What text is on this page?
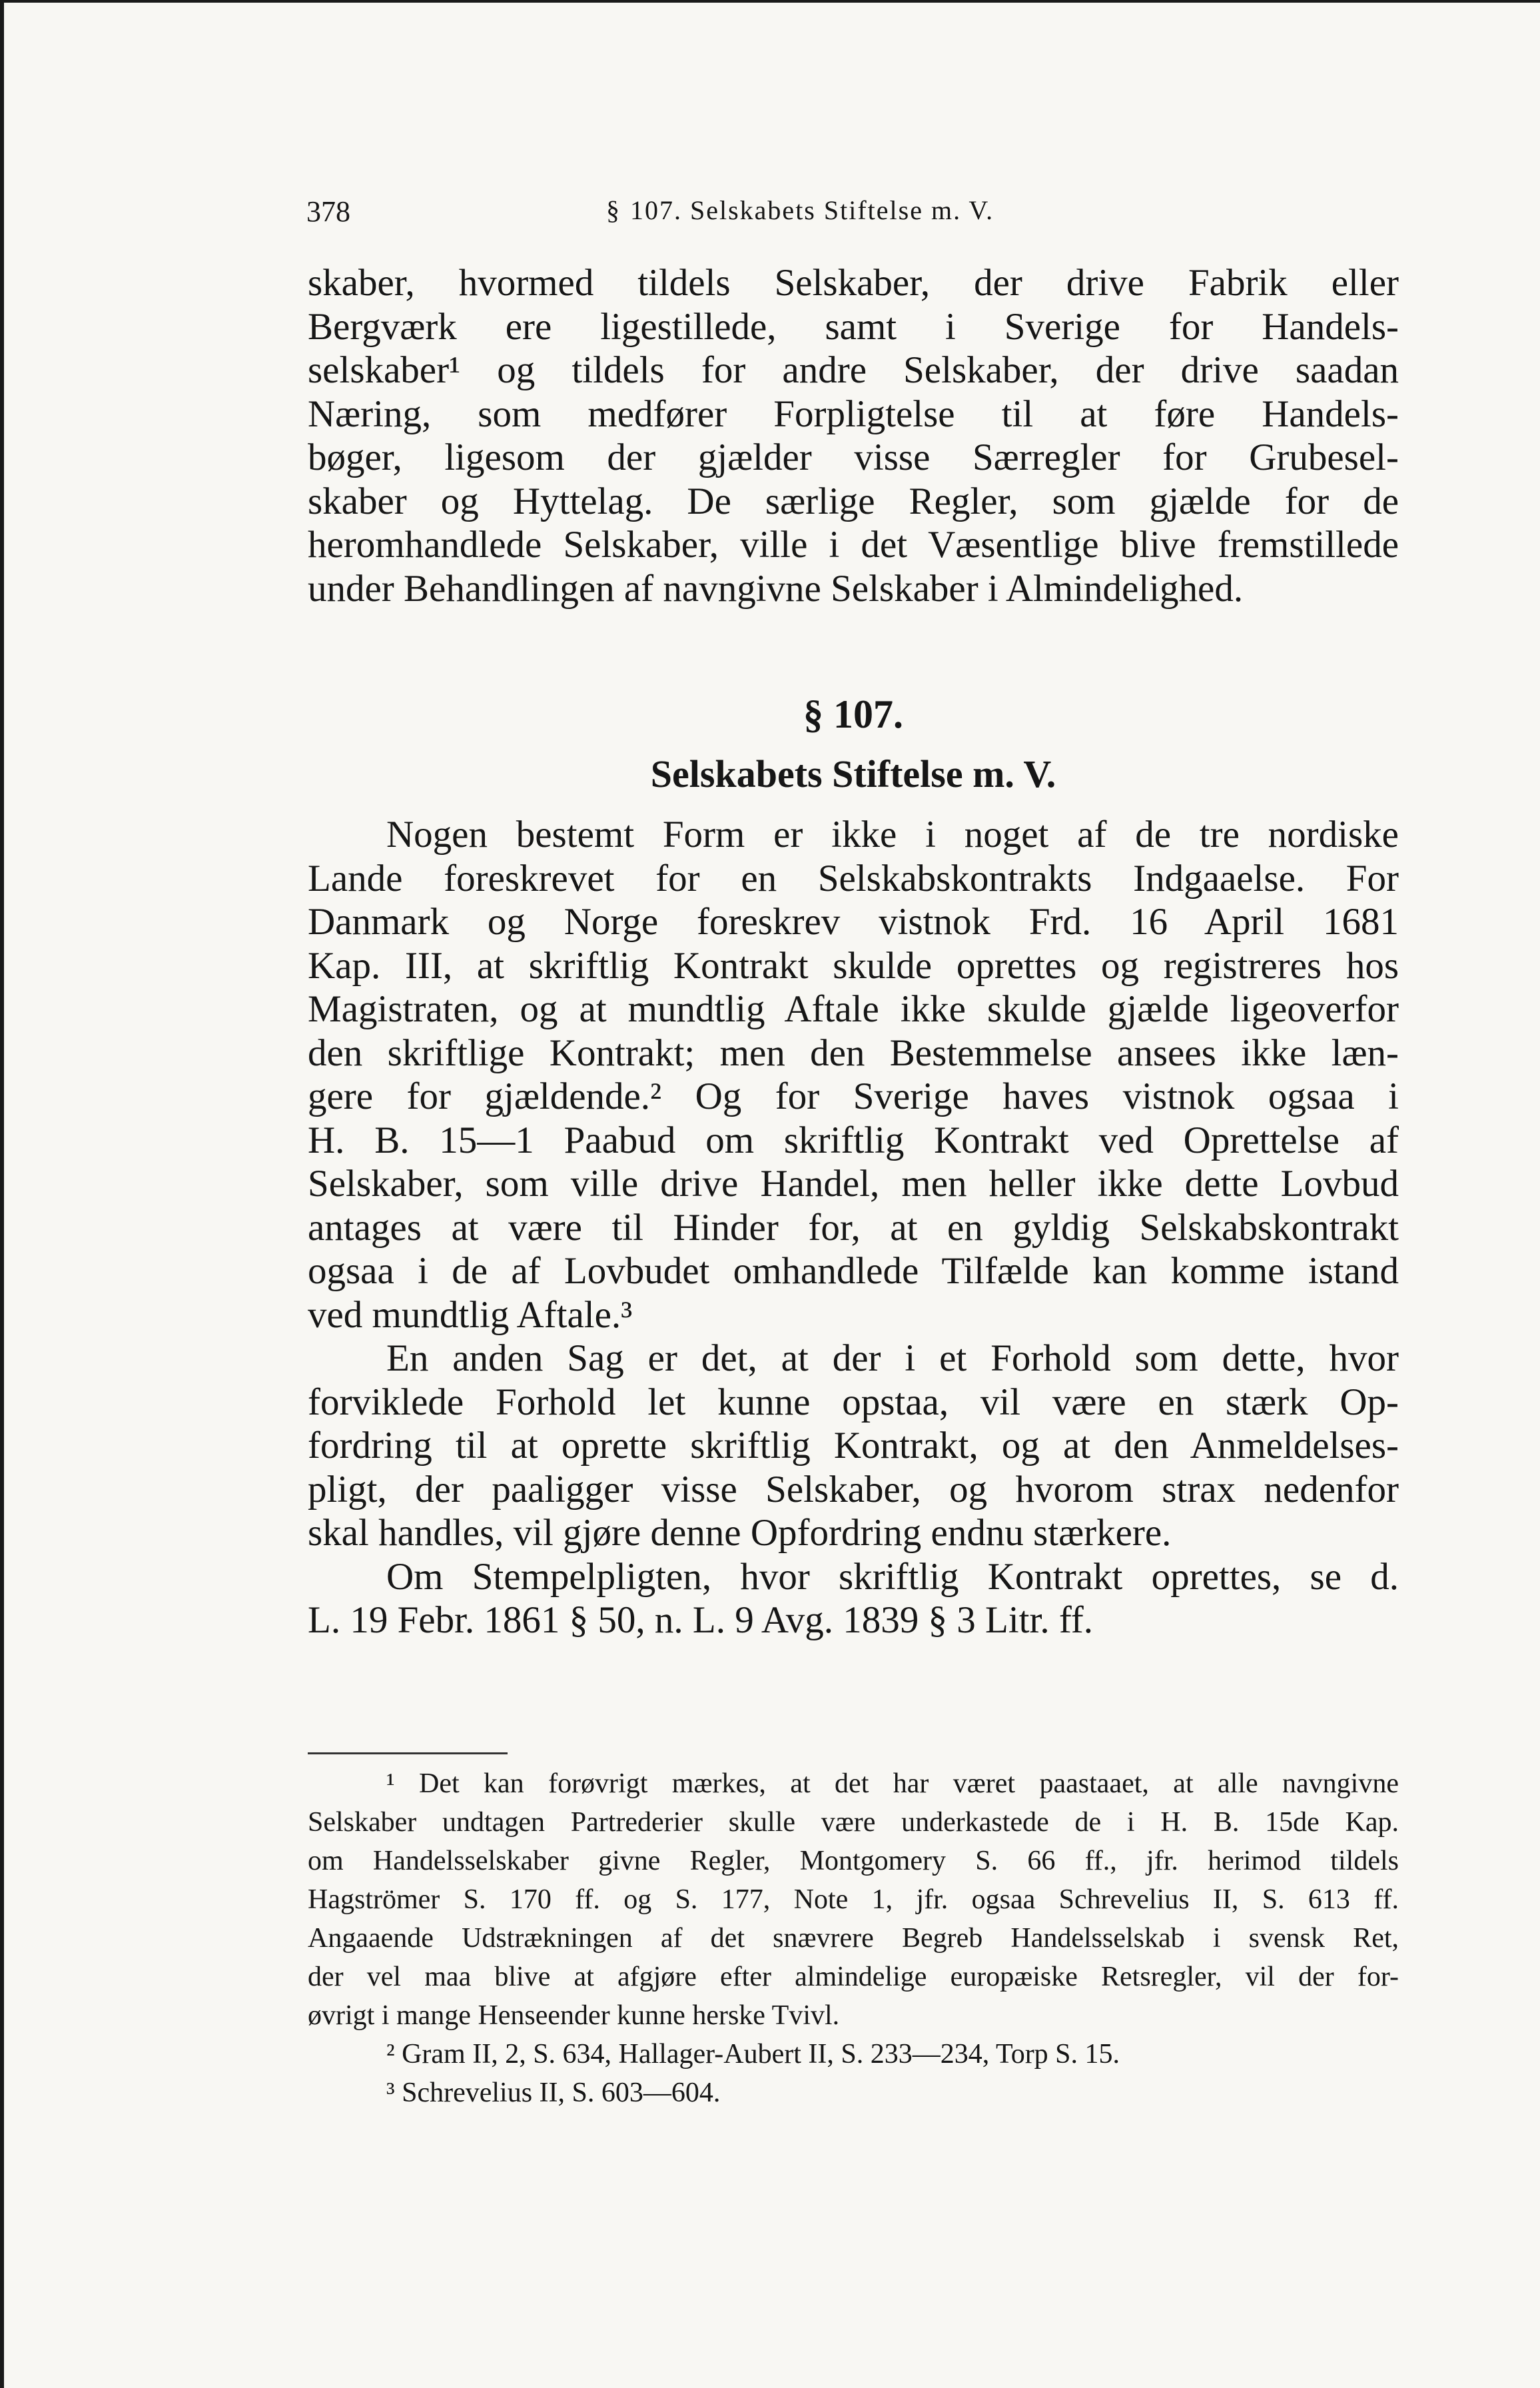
378	§ 107. Selskabets Stiftelse m. V.
skaber, hvormed tildels Selskaber, der drive Fabrik eller
Bergværk ere ligestillede, samt i Sverige for Handels-
selskaber¹ og tildels for andre Selskaber, der drive saadan
Næring, som medfører Forpligtelse til at føre Handels-
bøger, ligesom der gjælder visse Særregler for Grubesel-
skaber og Hyttelag. De særlige Regler, som gjælde for de
heromhandlede Selskaber, ville i det Væsentlige blive fremstillede
under Behandlingen af navngivne Selskaber i Almindelighed.
§ 107.
Selskabets Stiftelse m. V.
Nogen bestemt Form er ikke i noget af de tre nordiske
Lande foreskrevet for en Selskabskontrakts Indgaaelse. For
Danmark og Norge foreskrev vistnok Frd. 16 April 1681
Kap. III, at skriftlig Kontrakt skulde oprettes og registreres hos
Magistraten, og at mundtlig Aftale ikke skulde gjælde ligeoverfor
den skriftlige Kontrakt; men den Bestemmelse ansees ikke læn-
gere for gjældende.² Og for Sverige haves vistnok ogsaa i
H. B. 15—1 Paabud om skriftlig Kontrakt ved Oprettelse af
Selskaber, som ville drive Handel, men heller ikke dette Lovbud
antages at være til Hinder for, at en gyldig Selskabskontrakt
ogsaa i de af Lovbudet omhandlede Tilfælde kan komme istand
ved mundtlig Aftale.³
En anden Sag er det, at der i et Forhold som dette, hvor
forviklede Forhold let kunne opstaa, vil være en stærk Op-
fordring til at oprette skriftlig Kontrakt, og at den Anmeldelses-
pligt, der paaligger visse Selskaber, og hvorom strax nedenfor
skal handles, vil gjøre denne Opfordring endnu stærkere.
Om Stempelpligten, hvor skriftlig Kontrakt oprettes, se d.
L. 19 Febr. 1861 § 50, n. L. 9 Avg. 1839 § 3 Litr. ff.
¹ Det kan forøvrigt mærkes, at det har været paastaaet, at alle navngivne
Selskaber undtagen Partrederier skulle være underkastede de i H. B. 15de Kap.
om Handelsselskaber givne Regler, Montgomery S. 66 ff., jfr. herimod tildels
Hagströmer S. 170 ff. og S. 177, Note 1, jfr. ogsaa Schrevelius II, S. 613 ff.
Angaaende Udstrækningen af det snævrere Begreb Handelsselskab i svensk Ret,
der vel maa blive at afgjøre efter almindelige europæiske Retsregler, vil der for-
øvrigt i mange Henseender kunne herske Tvivl.
² Gram II, 2, S. 634, Hallager-Aubert II, S. 233—234, Torp S. 15.
³ Schrevelius II, S. 603—604.
